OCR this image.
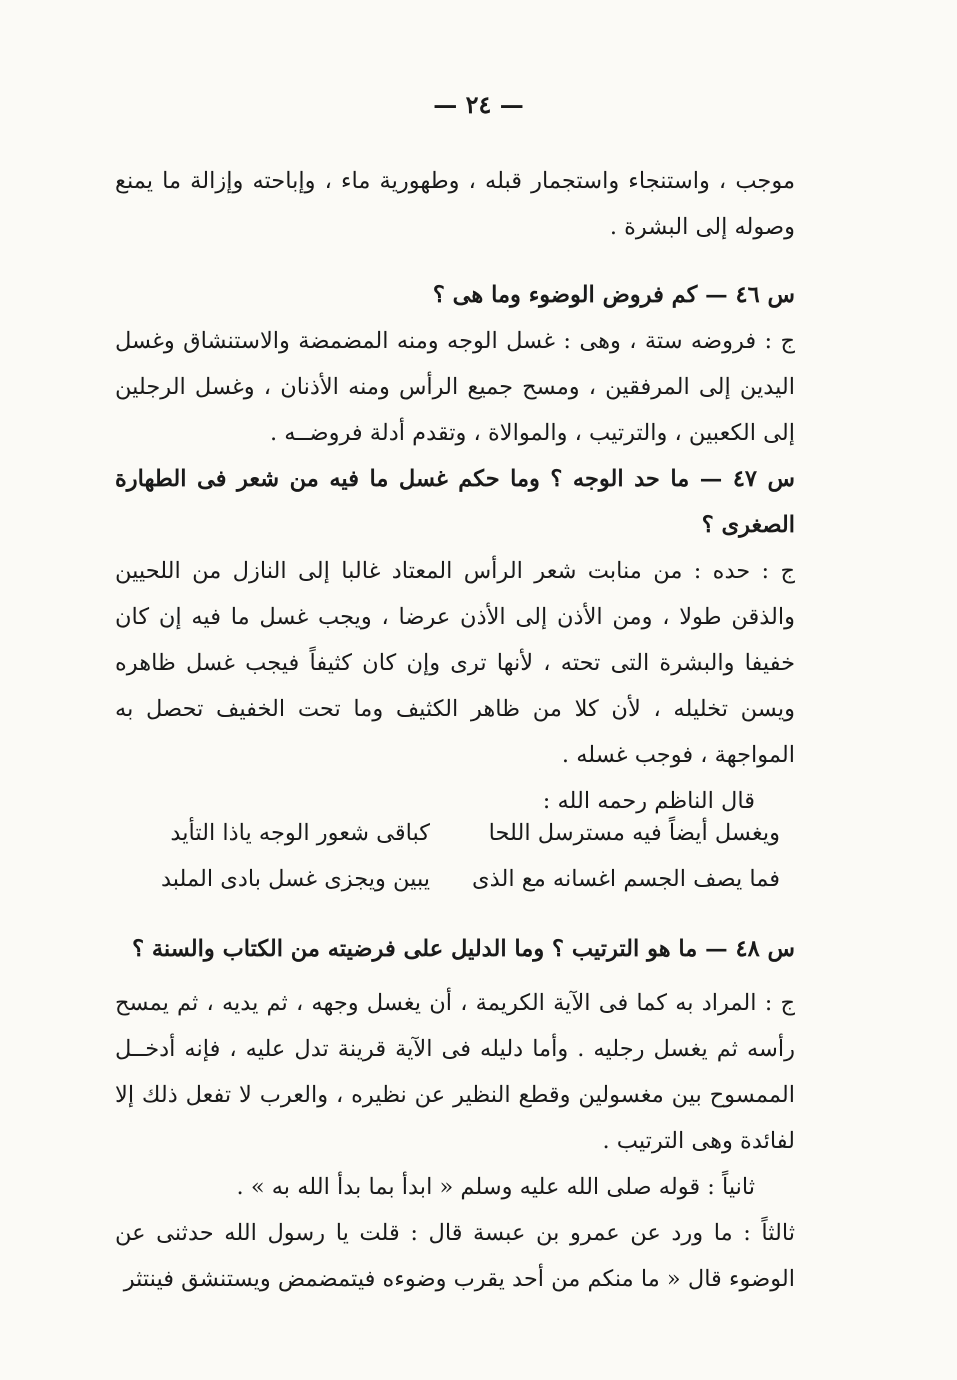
— ٢٤ —

موجب ، واستنجاء واستجمار قبله ، وطهورية ماء ، وإباحته وإزالة ما يمنع وصوله إلى البشرة .

س ٤٦ — كم فروض الوضوء وما هى ؟

ج : فروضه ستة ، وهى : غسل الوجه ومنه المضمضة والاستنشاق وغسل اليدين إلى المرفقين ، ومسح جميع الرأس ومنه الأذنان ، وغسل الرجلين إلى الكعبين ، والترتيب ، والموالاة ، وتقدم أدلة فروضــه .

س ٤٧ — ما حد الوجه ؟ وما حكم غسل ما فيه من شعر فى الطهارة الصغرى ؟

ج : حده : من منابت شعر الرأس المعتاد غالبا إلى النازل من اللحيين والذقن طولا ، ومن الأذن إلى الأذن عرضا ، ويجب غسل ما فيه إن كان خفيفا والبشرة التى تحته ، لأنها ترى وإن كان كثيفاً فيجب غسل ظاهره ويسن تخليله ، لأن كلا من ظاهر الكثيف وما تحت الخفيف تحصل به المواجهة ، فوجب غسله .

قال الناظم رحمه الله :

ويغسل أيضاً فيه مسترسل اللحا
كباقى شعور الوجه ياذا التأيد
فما يصف الجسم اغسانه مع الذى
يبين ويجزى غسل بادى الملبد

س ٤٨ — ما هو الترتيب ؟ وما الدليل على فرضيته من الكتاب والسنة ؟

ج : المراد به كما فى الآية الكريمة ، أن يغسل وجهه ، ثم يديه ، ثم يمسح رأسه ثم يغسل رجليه . وأما دليله فى الآية قرينة تدل عليه ، فإنه أدخــل الممسوح بين مغسولين وقطع النظير عن نظيره ، والعرب لا تفعل ذلك إلا لفائدة وهى الترتيب .

ثانياً : قوله صلى الله عليه وسلم « ابدأ بما بدأ الله به » .

ثالثاً : ما ورد عن عمرو بن عبسة قال : قلت يا رسول الله حدثنى عن الوضوء قال « ما منكم من أحد يقرب وضوءه فيتمضمض ويستنشق فينتثر
